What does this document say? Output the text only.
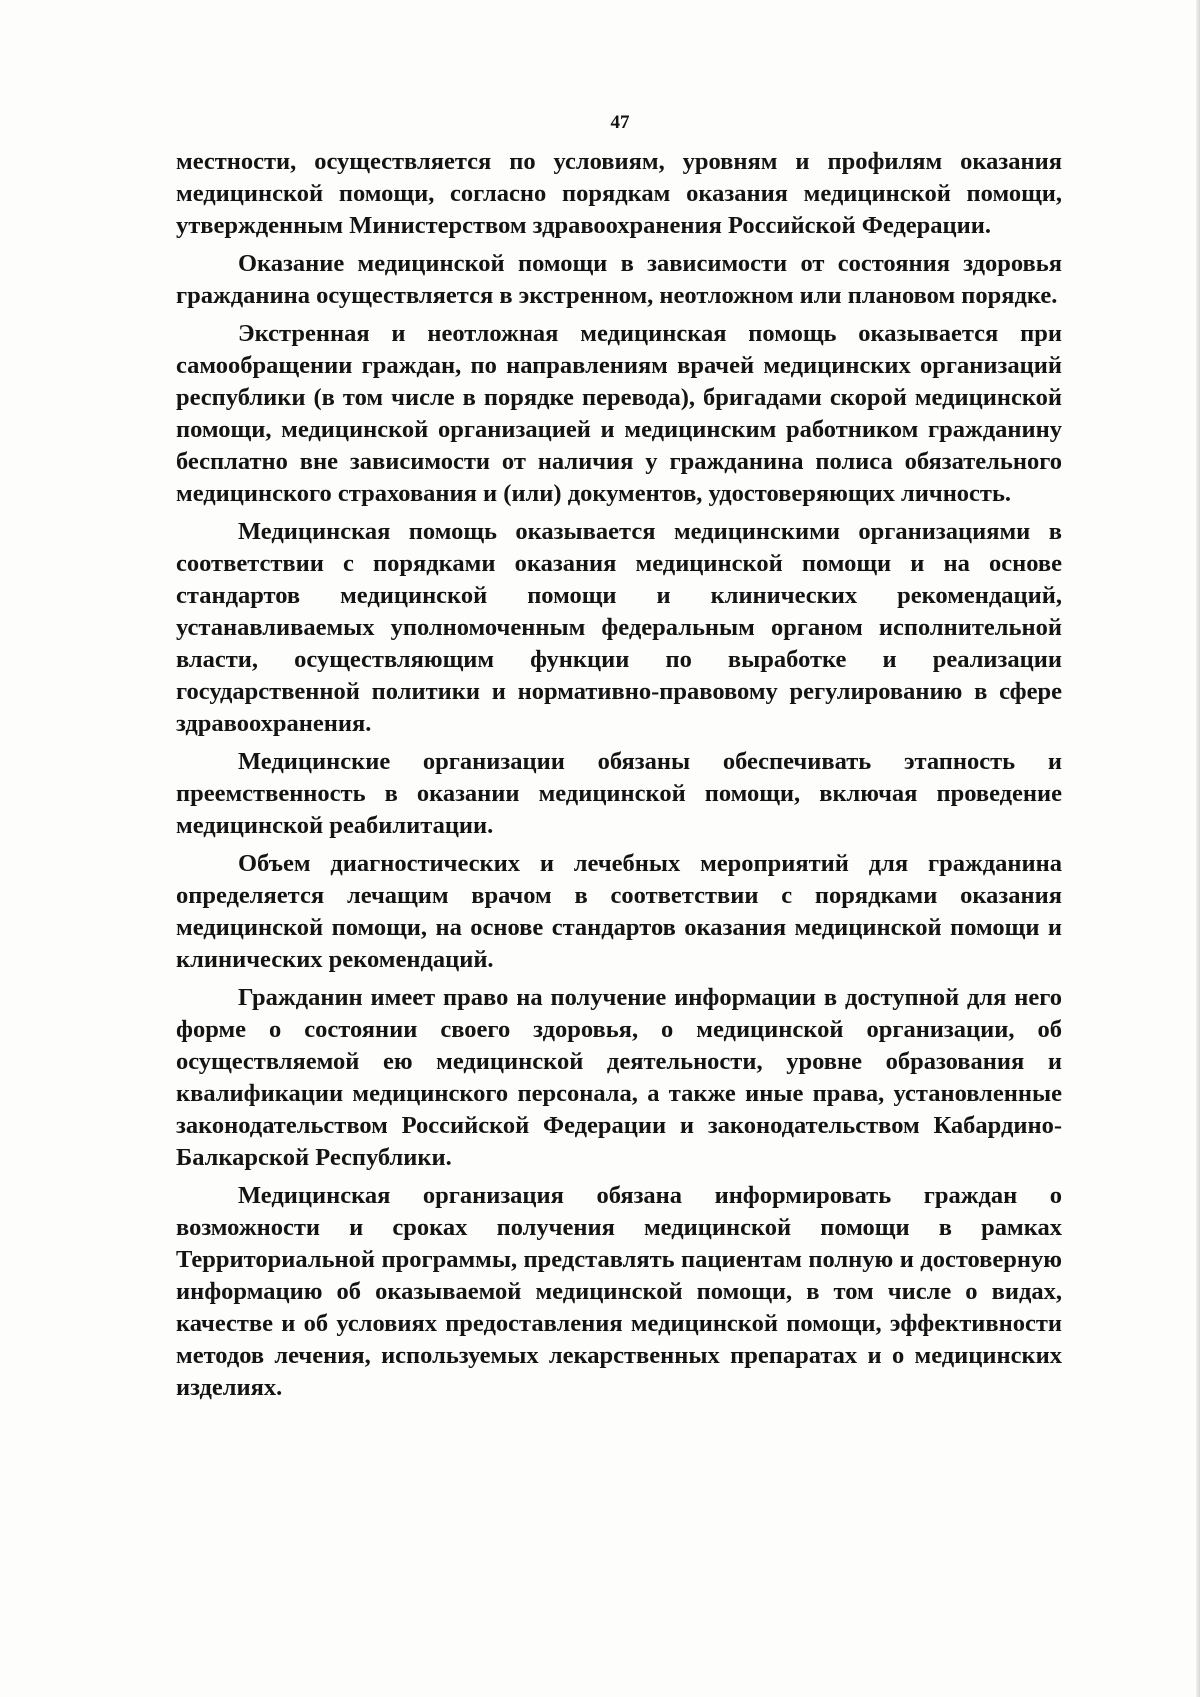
47

местности, осуществляется по условиям, уровням и профилям оказания медицинской помощи, согласно порядкам оказания медицинской помощи, утвержденным Министерством здравоохранения Российской Федерации.

Оказание медицинской помощи в зависимости от состояния здоровья гражданина осуществляется в экстренном, неотложном или плановом порядке.

Экстренная и неотложная медицинская помощь оказывается при самообращении граждан, по направлениям врачей медицинских организаций республики (в том числе в порядке перевода), бригадами скорой медицинской помощи, медицинской организацией и медицинским работником гражданину бесплатно вне зависимости от наличия у гражданина полиса обязательного медицинского страхования и (или) документов, удостоверяющих личность.

Медицинская помощь оказывается медицинскими организациями в соответствии с порядками оказания медицинской помощи и на основе стандартов медицинской помощи и клинических рекомендаций, устанавливаемых уполномоченным федеральным органом исполнительной власти, осуществляющим функции по выработке и реализации государственной политики и нормативно-правовому регулированию в сфере здравоохранения.

Медицинские организации обязаны обеспечивать этапность и преемственность в оказании медицинской помощи, включая проведение медицинской реабилитации.

Объем диагностических и лечебных мероприятий для гражданина определяется лечащим врачом в соответствии с порядками оказания медицинской помощи, на основе стандартов оказания медицинской помощи и клинических рекомендаций.

Гражданин имеет право на получение информации в доступной для него форме о состоянии своего здоровья, о медицинской организации, об осуществляемой ею медицинской деятельности, уровне образования и квалификации медицинского персонала, а также иные права, установленные законодательством Российской Федерации и законодательством Кабардино-Балкарской Республики.

Медицинская организация обязана информировать граждан о возможности и сроках получения медицинской помощи в рамках Территориальной программы, представлять пациентам полную и достоверную информацию об оказываемой медицинской помощи, в том числе о видах, качестве и об условиях предоставления медицинской помощи, эффективности методов лечения, используемых лекарственных препаратах и о медицинских изделиях.
